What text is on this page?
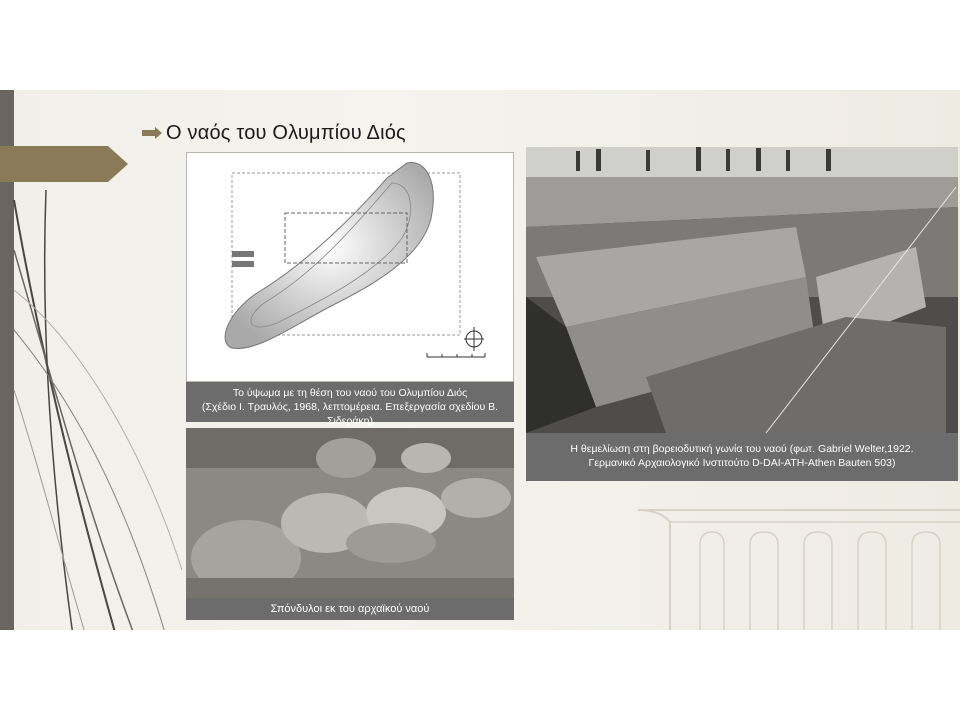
Ο ναός του Ολυμπίου Διός
Το ύψωμα με τη θέση του ναού του Ολυμπίου Διός
(Σχέδιο Ι. Τραυλός, 1968, λεπτομέρεια. Επεξεργασία σχεδίου Β. Σιδεράκη)
Η θεμελίωση στη βορειοδυτική γωνία του ναού (φωτ. Gabriel Welter,1922.
Γερμανικό Αρχαιολογικό Ινστιτούτο D-DAI-ATH-Athen Bauten 503)
Σπόνδυλοι εκ του αρχαϊκού ναού
